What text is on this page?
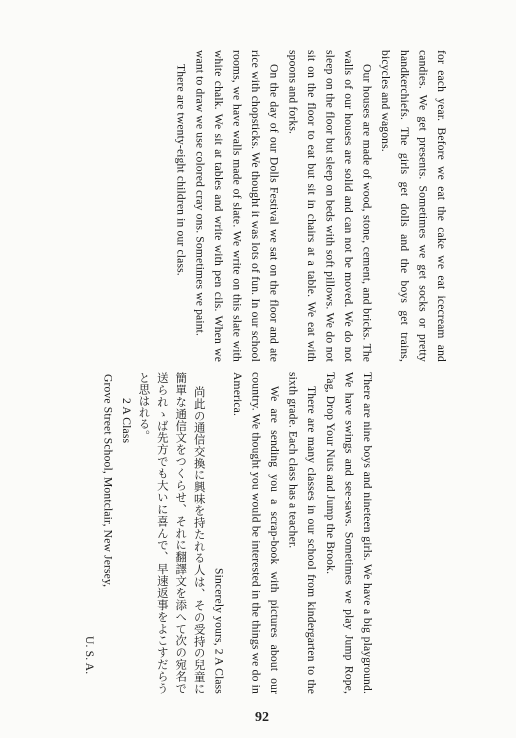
for each year. Before we eat the cake we eat icecream and candies. We get presents. Sometimes we get socks or pretty handkerchiefs. The girls get dolls and the boys get trains, bicycles and wagons.

Our houses are made of wood, stone, cement, and bricks. The walls of our houses are solid and can not be moved. We do not sleep on the floor but sleep on beds with soft pillows. We do not sit on the floor to eat but sit in chairs at a table. We eat with spoons and forks.

On the day of our Dolls Festival we sat on the floor and ate rice with chopsticks. We thought it was lots of fun. In our school rooms, we have walls made of slate. We write on this slate with white chalk. We sit at tables and write with pen cils. When we want to draw we use colored cray ons. Sometimes we paint.

There are twenty-eight children in our class.

There are nine boys and nineteen girls. We have a big playground. We have swings and see-saws. Sometimes we play Jump Rope, Tag, Drop Your Nuts and Jump the Brook.

There are many classes in our school from kindergarten to the sixth grade. Each class has a teacher.

We are sending you a scrap-book with pictures about our country. We thought you would be interested in the things we do in America.

Sincerely yours, 2 A Class

尚此の通信交換に興味を持たれる人は、その受持の兒童に簡單な通信文をつくらせ、それに翻譯文を添へて次の宛名で送られゝば先方でも大いに喜んで、早速返事をよこすだらうと思はれる。

2 A Class

Grove Street School, Montclair, New Jersey,

U. S. A.

92
